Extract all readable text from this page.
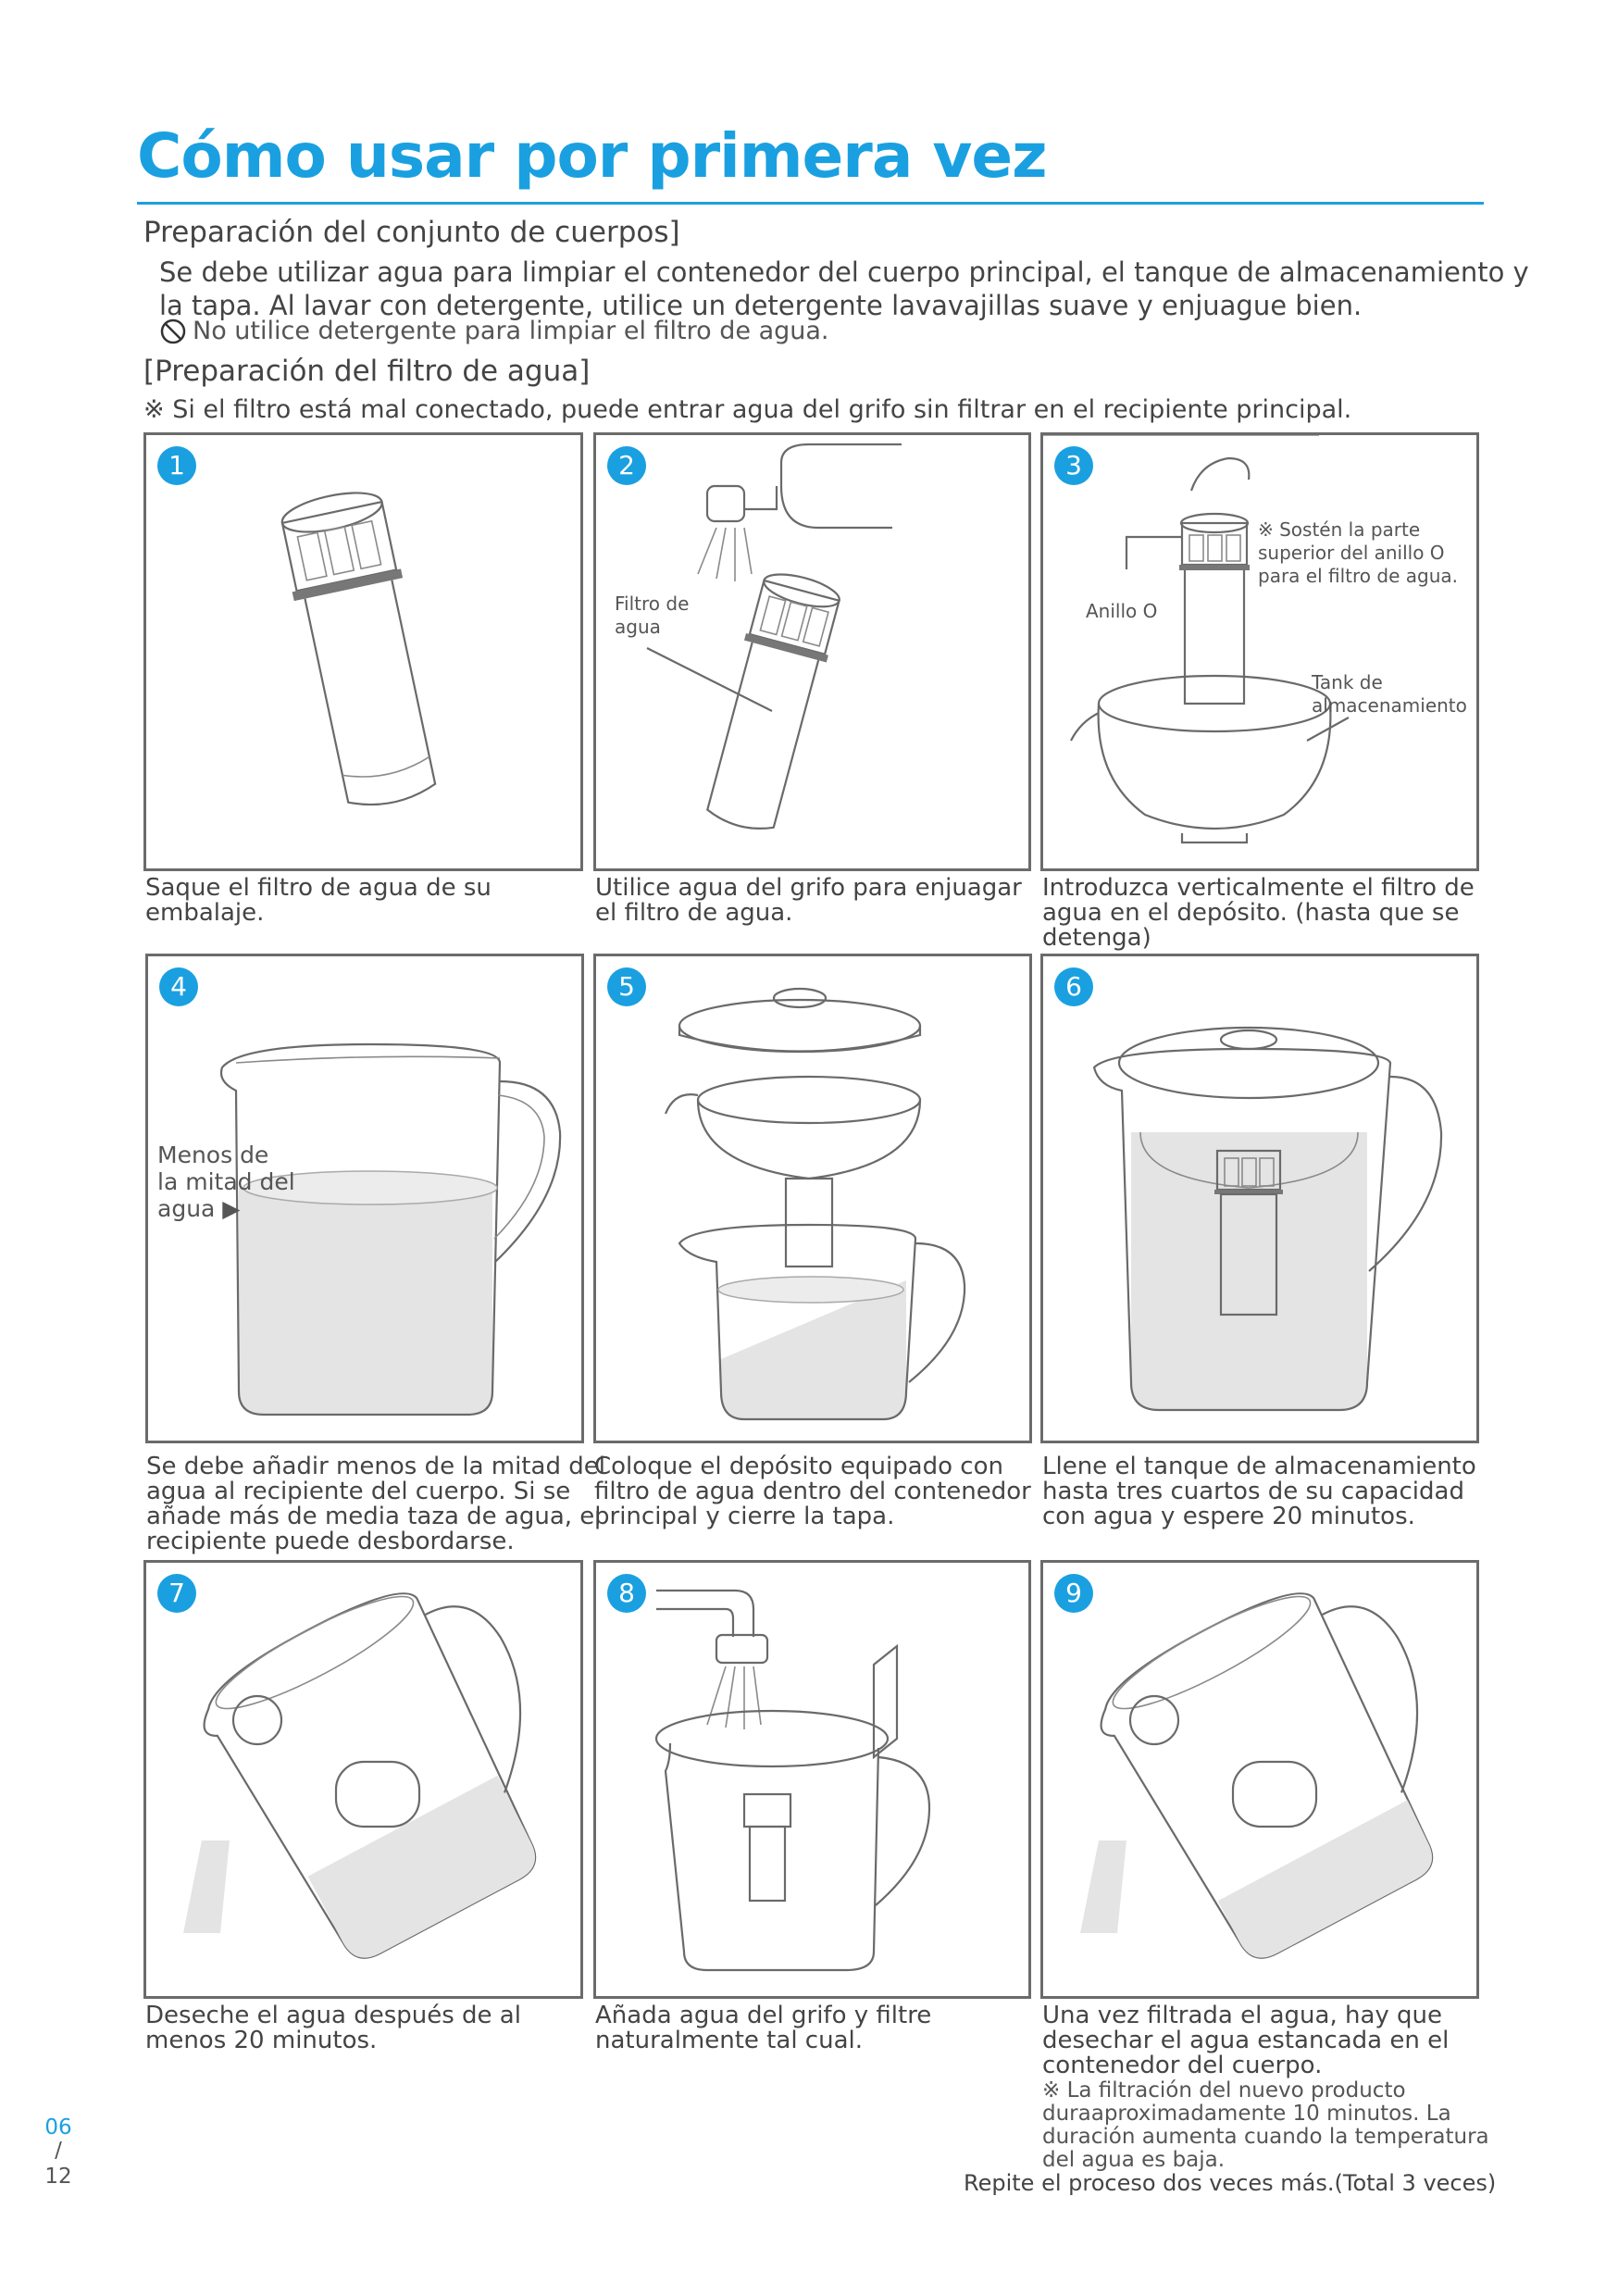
Cómo usar por primera vez
Preparación del conjunto de cuerpos]
Se debe utilizar agua para limpiar el contenedor del cuerpo principal, el tanque de almacenamiento y
la tapa. Al lavar con detergente, utilice un detergente lavavajillas suave y enjuague bien.
No utilice detergente para limpiar el filtro de agua.
[Preparación del filtro de agua]
※ Si el filtro está mal conectado, puede entrar agua del grifo sin filtrar en el recipiente principal.
1
Saque el filtro de agua de su
embalaje.
2
Filtro de
agua
Utilice agua del grifo para enjuagar
el filtro de agua.
3
Anillo O
※ Sostén la parte
superior del anillo O
para el filtro de agua.
Tank de
almacenamiento
Introduzca verticalmente el filtro de
agua en el depósito. (hasta que se
detenga)
4
Menos de
la mitad del
agua ▶
Se debe añadir menos de la mitad del
agua al recipiente del cuerpo. Si se
añade más de media taza de agua, el
recipiente puede desbordarse.
5
Coloque el depósito equipado con
filtro de agua dentro del contenedor
principal y cierre la tapa.
6
Llene el tanque de almacenamiento
hasta tres cuartos de su capacidad
con agua y espere 20 minutos.
7
Deseche el agua después de al
menos 20 minutos.
8
Añada agua del grifo y filtre
naturalmente tal cual.
9
Una vez filtrada el agua, hay que
desechar el agua estancada en el
contenedor del cuerpo.
※ La filtración del nuevo producto
duraaproximadamente 10 minutos. La
duración aumenta cuando la temperatura
del agua es baja.
Repite el proceso dos veces más.(Total 3 veces)
06
/
12
